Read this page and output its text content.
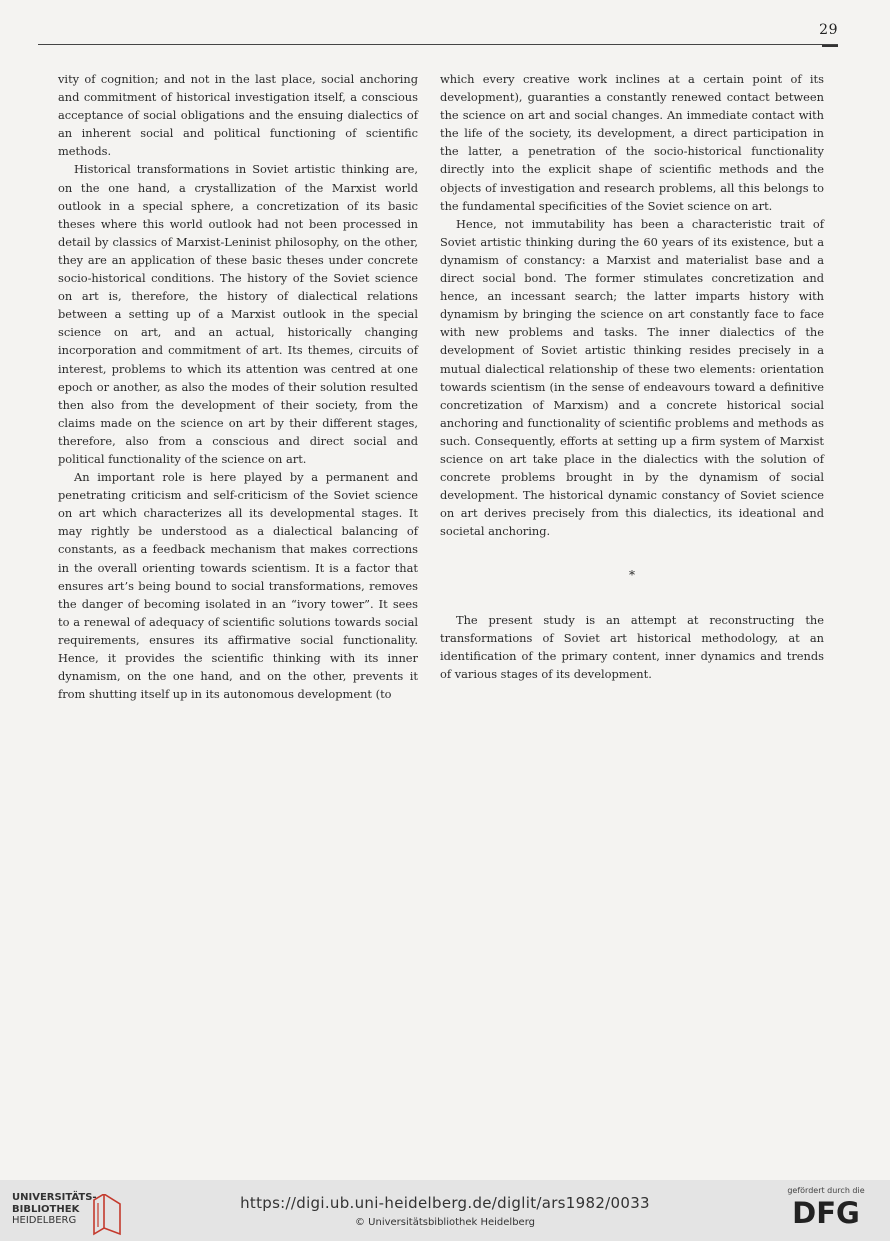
29

vity of cognition; and not in the last place, social anchoring and commitment of historical investigation itself, a conscious acceptance of social obligations and the ensuing dialectics of an inherent social and political functioning of scientific methods.

Historical transformations in Soviet artistic thinking are, on the one hand, a crystallization of the Marxist world outlook in a special sphere, a concretization of its basic theses where this world outlook had not been processed in detail by classics of Marxist-Leninist philosophy, on the other, they are an application of these basic theses under concrete socio-historical conditions. The history of the Soviet science on art is, therefore, the history of dialectical relations between a setting up of a Marxist outlook in the special science on art, and an actual, historically changing incorporation and commitment of art. Its themes, circuits of interest, problems to which its attention was centred at one epoch or another, as also the modes of their solution resulted then also from the development of their society, from the claims made on the science on art by their different stages, therefore, also from a conscious and direct social and political functionality of the science on art.

An important role is here played by a permanent and penetrating criticism and self-criticism of the Soviet science on art which characterizes all its developmental stages. It may rightly be understood as a dialectical balancing of constants, as a feedback mechanism that makes corrections in the overall orienting towards scientism. It is a factor that ensures art’s being bound to social transformations, removes the danger of becoming isolated in an “ivory tower”. It sees to a renewal of adequacy of scientific solutions towards social requirements, ensures its affirmative social functionality. Hence, it provides the scientific thinking with its inner dynamism, on the one hand, and on the other, prevents it from shutting itself up in its autonomous development (to

which every creative work inclines at a certain point of its development), guaranties a constantly renewed contact between the science on art and social changes. An immediate contact with the life of the society, its development, a direct participation in the latter, a penetration of the socio-historical functionality directly into the explicit shape of scientific methods and the objects of investigation and research problems, all this belongs to the fundamental specificities of the Soviet science on art.

Hence, not immutability has been a characteristic trait of Soviet artistic thinking during the 60 years of its existence, but a dynamism of constancy: a Marxist and materialist base and a direct social bond. The former stimulates concretization and hence, an incessant search; the latter imparts history with dynamism by bringing the science on art constantly face to face with new problems and tasks. The inner dialectics of the development of Soviet artistic thinking resides precisely in a mutual dialectical relationship of these two elements: orientation towards scientism (in the sense of endeavours toward a definitive concretization of Marxism) and a concrete historical social anchoring and functionality of scientific problems and methods as such. Consequently, efforts at setting up a firm system of Marxist science on art take place in the dialectics with the solution of concrete problems brought in by the dynamism of social development. The historical dynamic constancy of Soviet science on art derives precisely from this dialectics, its ideational and societal anchoring.

*

The present study is an attempt at reconstructing the transformations of Soviet art historical methodology, at an identification of the primary content, inner dynamics and trends of various stages of its development.

UNIVERSITÄTS-
BIBLIOTHEK
HEIDELBERG
https://digi.ub.uni-heidelberg.de/diglit/ars1982/0033
© Universitätsbibliothek Heidelberg
gefördert durch die
DFG
